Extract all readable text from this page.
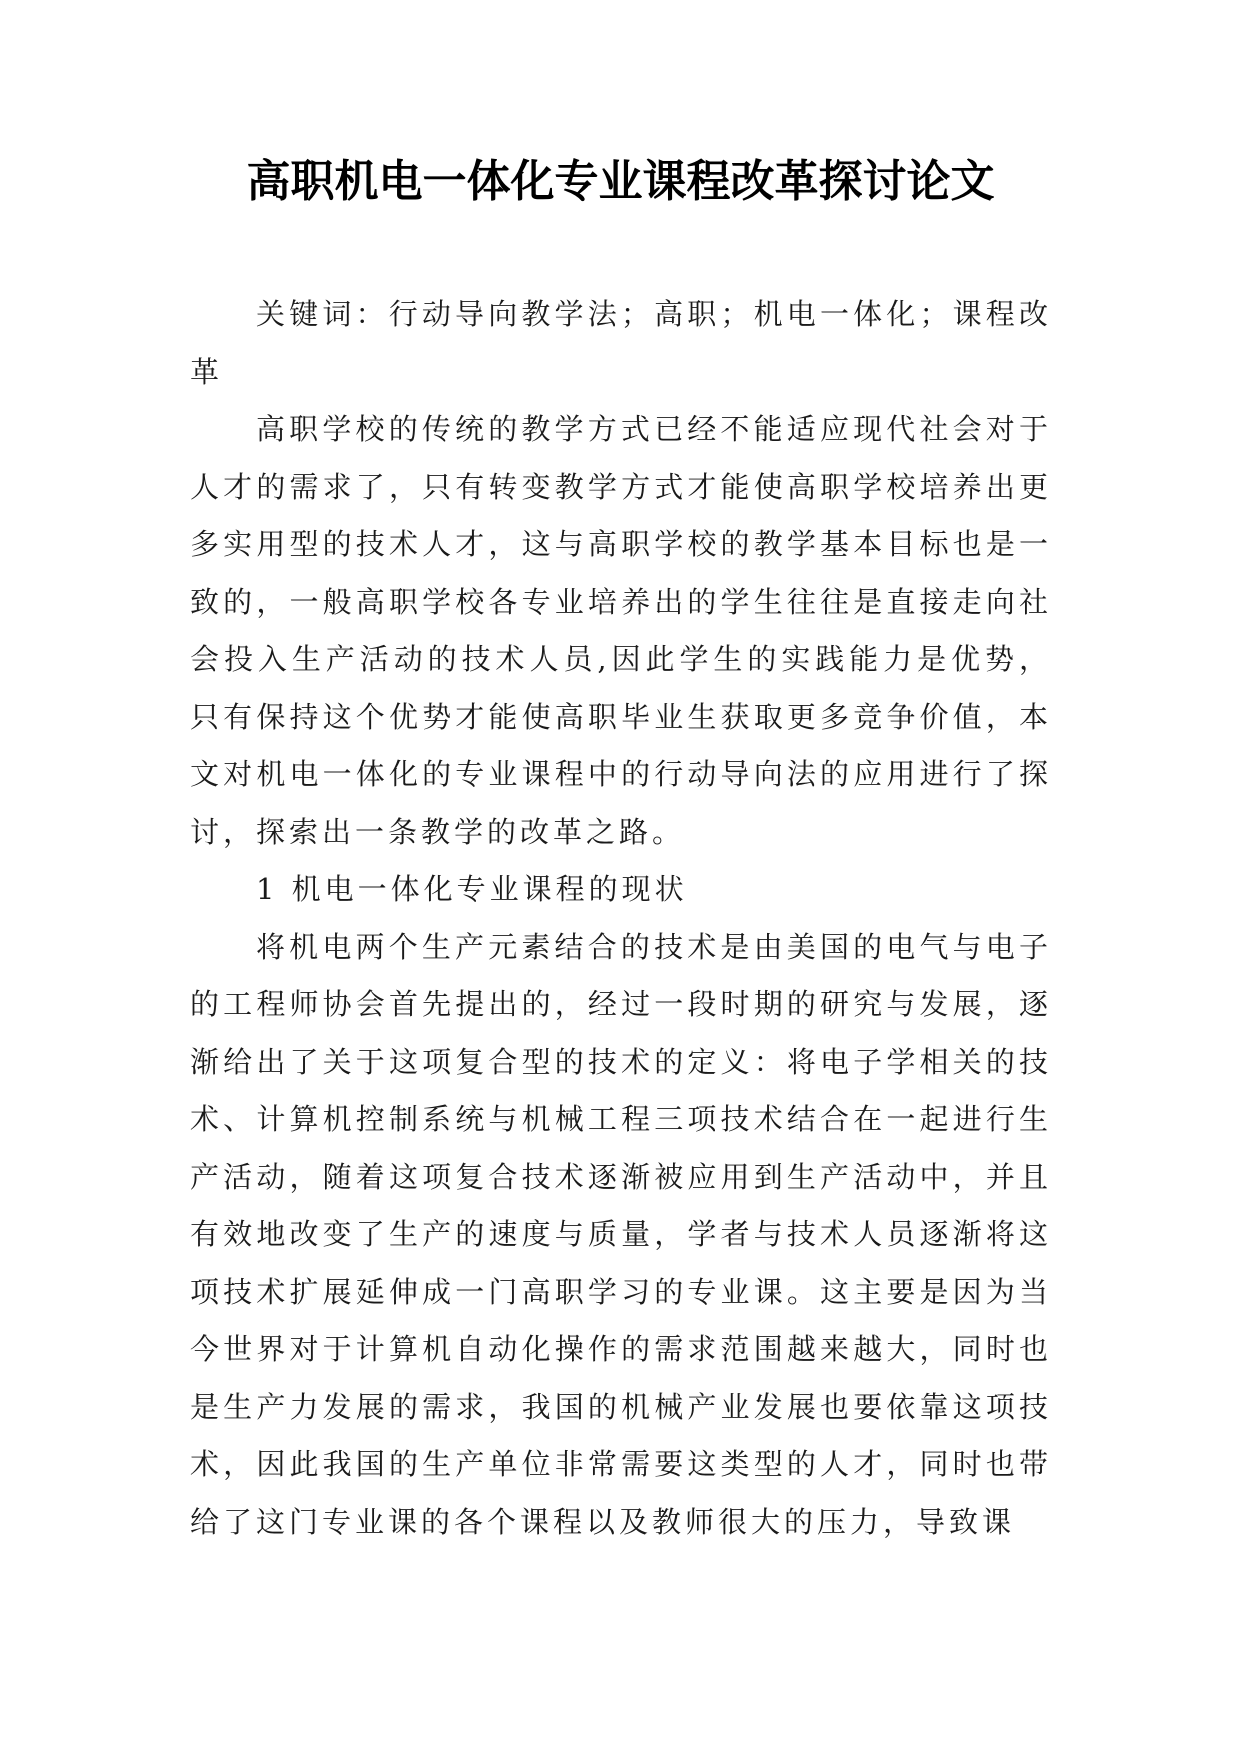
高职机电一体化专业课程改革探讨论文

关键词：行动导向教学法；高职；机电一体化；课程改革

高职学校的传统的教学方式已经不能适应现代社会对于人才的需求了，只有转变教学方式才能使高职学校培养出更多实用型的技术人才，这与高职学校的教学基本目标也是一致的，一般高职学校各专业培养出的学生往往是直接走向社会投入生产活动的技术人员,因此学生的实践能力是优势，只有保持这个优势才能使高职毕业生获取更多竞争价值，本文对机电一体化的专业课程中的行动导向法的应用进行了探讨，探索出一条教学的改革之路。

1 机电一体化专业课程的现状

将机电两个生产元素结合的技术是由美国的电气与电子的工程师协会首先提出的，经过一段时期的研究与发展，逐渐给出了关于这项复合型的技术的定义：将电子学相关的技术、计算机控制系统与机械工程三项技术结合在一起进行生产活动，随着这项复合技术逐渐被应用到生产活动中，并且有效地改变了生产的速度与质量，学者与技术人员逐渐将这项技术扩展延伸成一门高职学习的专业课。这主要是因为当今世界对于计算机自动化操作的需求范围越来越大，同时也是生产力发展的需求，我国的机械产业发展也要依靠这项技术，因此我国的生产单位非常需要这类型的人才，同时也带给了这门专业课的各个课程以及教师很大的压力，导致课
